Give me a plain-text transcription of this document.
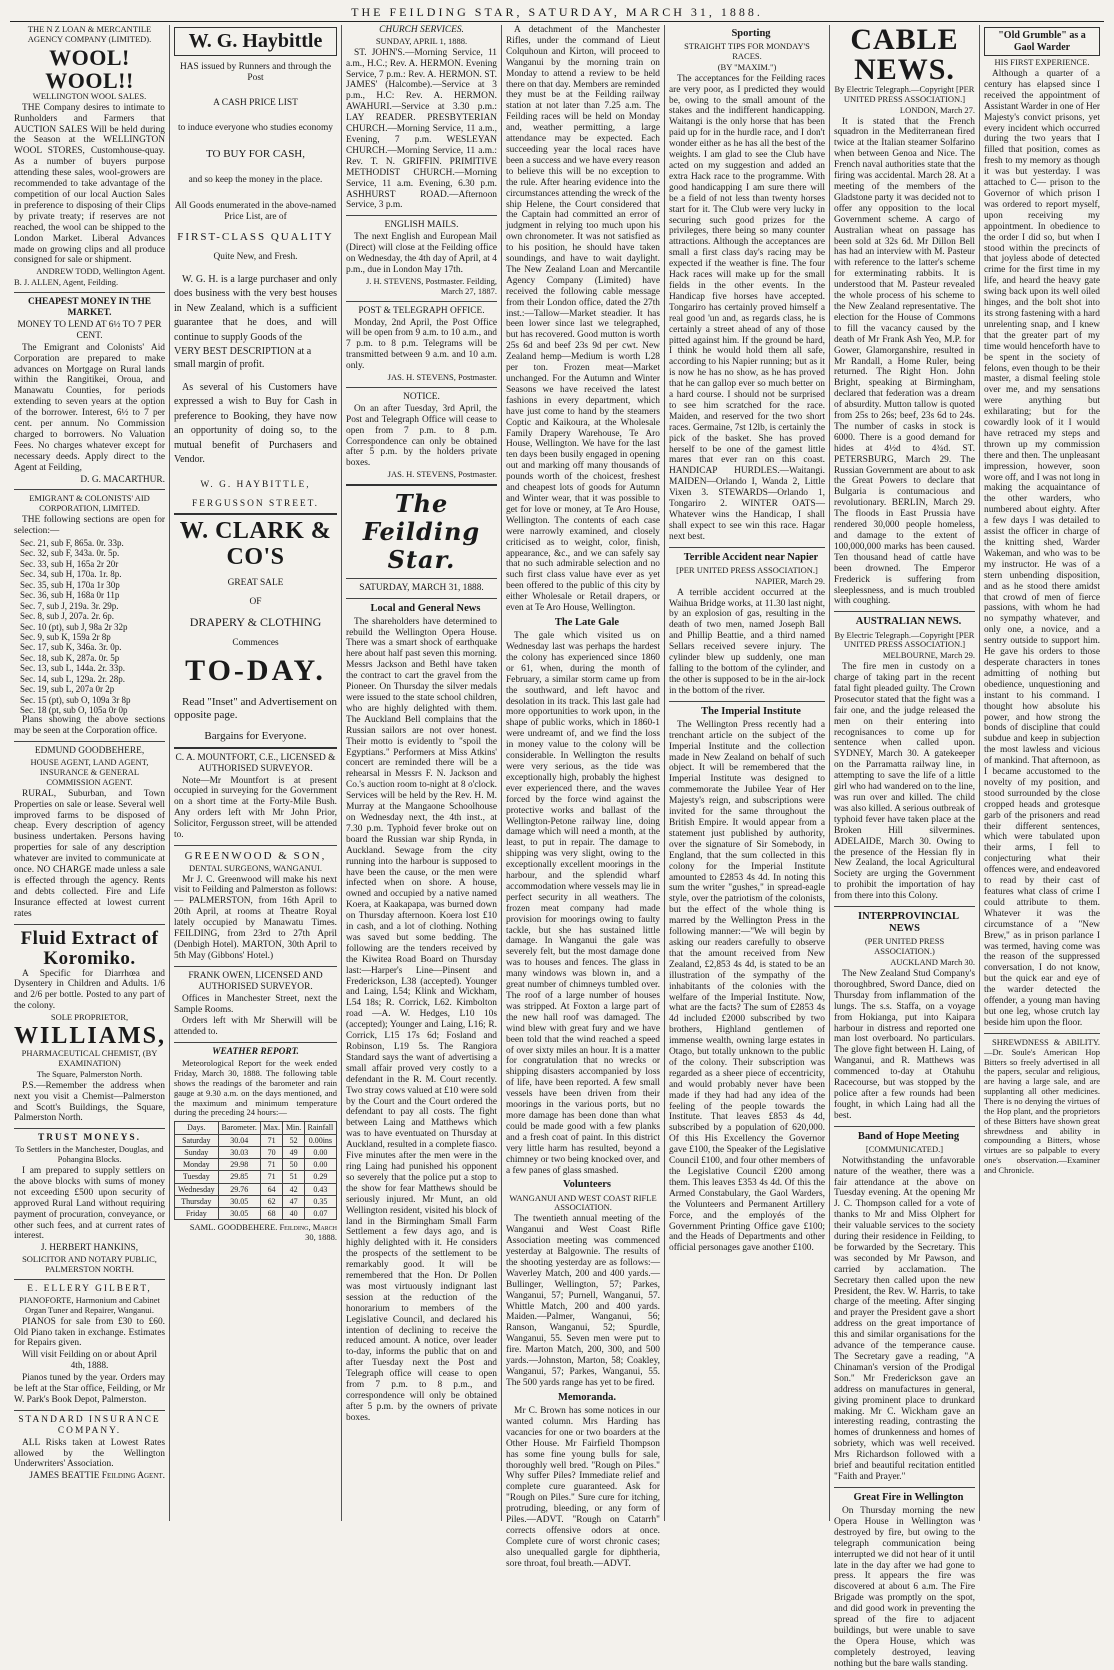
THE FEILDING STAR, SATURDAY, MARCH 31, 1888.

THE N Z LOAN & MERCANTILE AGENCY COMPANY (LIMITED).

WOOL! WOOL!!

WELLINGTON WOOL SALES.

THE Company desires to intimate to Runholders and Farmers that AUCTION SALES Will be held during the Season at the WELLINGTON WOOL STORES, Customhouse-quay. As a number of buyers purpose attending these sales, wool-growers are recommended to take advantage of the competition of our local Auction Sales in preference to disposing of their Clips by private treaty; if reserves are not reached, the wool can be shipped to the London Market. Liberal Advances made on growing clips and all produce consigned for sale or shipment.

ANDREW TODD, Wellington Agent.

B. J. ALLEN, Agent, Feilding.

CHEAPEST MONEY IN THE MARKET.

MONEY TO LEND AT 6½ TO 7 PER CENT.

The Emigrant and Colonists' Aid Corporation are prepared to make advances on Mortgage on Rural lands within the Rangitikei, Oroua, and Manawatu Counties, for periods extending to seven years at the option of the borrower. Interest, 6½ to 7 per cent. per annum. No Commission charged to borrowers. No Valuation Fees. No charges whatever except for necessary deeds. Apply direct to the Agent at Feilding,

D. G. MACARTHUR.

EMIGRANT & COLONISTS' AID CORPORATION, LIMITED.

THE following sections are open for selection:—

Sec. 21, sub F, 865a. 0r. 33p.
Sec. 32, sub F, 343a. 0r. 5p.
Sec. 33, sub H, 165a 2r 20r
Sec. 34, sub H, 170a. 1r. 8p.
Sec. 35, sub H, 170a 1r 30p
Sec. 36, sub H, 168a 0r 11p
Sec. 7, sub J, 219a. 3r. 29p.
Sec. 8, sub J, 207a. 2r. 6p.
Sec. 10 (pt), sub J, 98a 2r 32p
Sec. 9, sub K, 159a 2r 8p
Sec. 17, sub K, 346a. 3r. 0p.
Sec. 18, sub K, 287a. 0r. 5p
Sec. 13, sub L, 144a. 2r. 33p.
Sec. 14, sub L, 129a. 2r. 28p.
Sec. 19, sub L, 207a 0r 2p
Sec. 15 (pt), sub O, 109a 3r 8p
Sec. 18 (pt, sub O, 105a 0r 0p

Plans showing the above sections may be seen at the Corporation office.

EDMUND GOODBEHERE,

HOUSE AGENT, LAND AGENT, INSURANCE & GENERAL COMMISSION AGENT.

RURAL, Suburban, and Town Properties on sale or lease. Several well improved farms to be disposed of cheap. Every description of agency business undertaken. Persons having properties for sale of any description whatever are invited to communicate at once. NO CHARGE made unless a sale is effected through the agency. Rents and debts collected. Fire and Life Insurance effected at lowest current rates

Fluid Extract of Koromiko.

A Specific for Diarrhœa and Dysentery in Children and Adults. 1/6 and 2/6 per bottle. Posted to any part of the colony.

SOLE PROPRIETOR,

WILLIAMS,

PHARMACEUTICAL CHEMIST, (BY EXAMINATION)

The Square, Palmerston North.

P.S.—Remember the address when next you visit a Chemist—Palmerston and Scott's Buildings, the Square, Palmerston North.

TRUST MONEYS.

To Settlers in the Manchester, Douglas, and Pohangina Blocks.

I am prepared to supply settlers on the above blocks with sums of money not exceeding £500 upon security of approved Rural Land without requiring payment of procuration, conveyance, or other such fees, and at current rates of interest.

J. HERBERT HANKINS,

SOLICITOR AND NOTARY PUBLIC, PALMERSTON NORTH.

E. ELLERY GILBERT,

PIANOFORTE, Harmonium and Cabinet Organ Tuner and Repairer, Wanganui.

PIANOS for sale from £30 to £60. Old Piano taken in exchange. Estimates for Repairs given.

Will visit Feilding on or about April 4th, 1888.

Pianos tuned by the year. Orders may be left at the Star office, Feilding, or Mr W. Park's Book Depot, Palmerston.

STANDARD INSURANCE COMPANY.

ALL Risks taken at Lowest Rates allowed by the Wellington Underwriters' Association.

JAMES BEATTIE Feilding Agent.

W. G. Haybittle

HAS issued by Runners and through the Post

A CASH PRICE LIST

to induce everyone who studies economy

TO BUY FOR CASH,

and so keep the money in the place.

All Goods enumerated in the above-named Price List, are of

FIRST-CLASS QUALITY

Quite New, and Fresh.

W. G. H. is a large purchaser and only does business with the very best houses in New Zealand, which is a sufficient guarantee that he does, and will continue to supply Goods of the

VERY BEST DESCRIPTION at a

small margin of profit.

As several of his Customers have expressed a wish to Buy for Cash in preference to Booking, they have now an opportunity of doing so, to the mutual benefit of Purchasers and Vendor.

W. G. HAYBITTLE,

FERGUSSON STREET.

W. CLARK & CO'S

GREAT SALE

OF

DRAPERY & CLOTHING

Commences

TO-DAY.

Read "Inset" and Advertisement on opposite page.

Bargains for Everyone.

C. A. MOUNTFORT, C.E., LICENSED & AUTHORISED SURVEYOR.

Note—Mr Mountfort is at present occupied in surveying for the Government on a short time at the Forty-Mile Bush. Any orders left with Mr John Prior, Solicitor, Fergusson street, will be attended to.

GREENWOOD & SON,

DENTAL SURGEONS, WANGANUI.

Mr J. C. Greenwood will make his next visit to Feilding and Palmerston as follows:— PALMERSTON, from 16th April to 20th April, at rooms at Theatre Royal lately occupied by Manawatu Times. FEILDING, from 23rd to 27th April (Denbigh Hotel). MARTON, 30th April to 5th May (Gibbons' Hotel.)

FRANK OWEN, LICENSED AND AUTHORISED SURVEYOR.

Offices in Manchester Street, next the Sample Rooms.

Orders left with Mr Sherwill will be attended to.

WEATHER REPORT.

Meteorological Report for the week ended Friday, March 30, 1888. The following table shows the readings of the barometer and rain gauge at 9.30 a.m. on the days mentioned, and the maximum and minimum temperature during the preceding 24 hours:—

Days.	Barometer.	Max.	Min.	Rainfall
Saturday	30.04	71	52	0.00ins
Sunday	30.03	70	49	0.00
Monday	29.98	71	50	0.00
Tuesday	29.85	71	51	0.29
Wednesday	29.76	64	42	0.43
Thursday	30.05	62	47	0.35
Friday	30.05	68	40	0.07

SAML. GOODBEHERE. Feilding, March 30, 1888.

CHURCH SERVICES.

SUNDAY, APRIL 1, 1888.

ST. JOHN'S.—Morning Service, 11 a.m., H.C.; Rev. A. HERMON. Evening Service, 7 p.m.: Rev. A. HERMON. ST. JAMES' (Halcombe).—Service at 3 p.m., H.C: Rev. A. HERMON. AWAHURI.—Service at 3.30 p.m.: LAY READER. PRESBYTERIAN CHURCH.—Morning Service, 11 a.m., Evening, 7 p.m. WESLEYAN CHURCH.—Morning Service, 11 a.m.: Rev. T. N. GRIFFIN. PRIMITIVE METHODIST CHURCH.—Morning Service, 11 a.m. Evening, 6.30 p.m. ASHHURST ROAD.—Afternoon Service, 3 p.m.

ENGLISH MAILS.

The next English and European Mail (Direct) will close at the Feilding office on Wednesday, the 4th day of April, at 4 p.m., due in London May 17th.

J. H. STEVENS, Postmaster. Feilding, March 27, 1887.

POST & TELEGRAPH OFFICE.

Monday, 2nd April, the Post Office will be open from 9 a.m. to 10 a.m., and 7 p.m. to 8 p.m. Telegrams will be transmitted between 9 a.m. and 10 a.m. only.

JAS. H. STEVENS, Postmaster.

NOTICE.

On an after Tuesday, 3rd April, the Post and Telegraph Office will cease to open from 7 p.m. to 8 p.m. Correspondence can only be obtained after 5 p.m. by the holders private boxes.

JAS. H. STEVENS, Postmaster.

The Feilding Star.

SATURDAY, MARCH 31, 1888.

Local and General News

The shareholders have determined to rebuild the Wellington Opera House. There was a smart shock of earthquake here about half past seven this morning. Messrs Jackson and Bethl have taken the contract to cart the gravel from the Pioneer. On Thursday the silver medals were issued to the state school children, who are highly delighted with them. The Auckland Bell complains that the Russian sailors are not over honest. Their motto is evidently to "spoil the Egyptians." Performers at Miss Atkins' concert are reminded there will be a rehearsal in Messrs F. N. Jackson and Co.'s auction room to-night at 8 o'clock. Services will be held by the Rev. H. M. Murray at the Mangaone Schoolhouse on Wednesday next, the 4th inst., at 7.30 p.m. Typhoid fever broke out on board the Russian war ship Rynda, in Auckland. Sewage from the city running into the harbour is supposed to have been the cause, or the men were infected when on shore. A house, owned and occupied by a native named Koera, at Kaakapapa, was burned down on Thursday afternoon. Koera lost £10 in cash, and a lot of clothing. Nothing was saved but some bedding. The following are the tenders received by the Kiwitea Road Board on Thursday last:—Harper's Line—Pinsent and Frederickson, L38 (accepted). Younger and Laing, L54; Klink and Wickham, L54 18s; R. Corrick, L62. Kimbolton road —A. W. Hedges, L10 10s (accepted); Younger and Laing, L16; R. Corrick, L15 17s 6d; Fosland and Robinson, L19 5s. The Rangiora Standard says the want of advertising a small affair proved very costly to a defendant in the R. M. Court recently. Two stray cows valued at £10 were sold by the Court and the Court ordered the defendant to pay all costs. The fight between Laing and Matthews which was to have eventuated on Thursday at Auckland, resulted in a complete fiasco. Five minutes after the men were in the ring Laing had punished his opponent so severely that the police put a stop to the show for fear Matthews should be seriously injured. Mr Munt, an old Wellington resident, visited his block of land in the Birmingham Small Farm Settlement a few days ago, and is highly delighted with it. He considers the prospects of the settlement to be remarkably good. It will be remembered that the Hon. Dr Pollen was most virtuously indignant last session at the reduction of the honorarium to members of the Legislative Council, and declared his intention of declining to receive the reduced amount. A notice, over leader to-day, informs the public that on and after Tuesday next the Post and Telegraph office will cease to open from 7 p.m. to 8 p.m., and correspondence will only be obtained after 5 p.m. by the owners of private boxes.

A detachment of the Manchester Rifles, under the command of Lieut Colquhoun and Kirton, will proceed to Wanganui by the morning train on Monday to attend a review to be held there on that day. Members are reminded they must be at the Feilding railway station at not later than 7.25 a.m. The Feilding races will be held on Monday and, weather permitting, a large attendance may be expected. Each succeeding year the local races have been a success and we have every reason to believe this will be no exception to the rule. After hearing evidence into the circumstances attending the wreck of the ship Helene, the Court considered that the Captain had committed an error of judgment in relying too much upon his own chronometer. It was not satisfied as to his position, he should have taken soundings, and have to wait daylight. The New Zealand Loan and Mercantile Agency Company (Limited) have received the following cable message from their London office, dated the 27th inst.:—Tallow—Market steadier. It has been lower since last we telegraphed, but has recovered. Good mutton is worth 25s 6d and beef 23s 9d per cwt. New Zealand hemp—Medium is worth L28 per ton. Frozen meat—Market unchanged. For the Autumn and Winter Seasons we have received the latest fashions in every department, which have just come to hand by the steamers Coptic and Kaikoura, at the Wholesale Family Drapery Warehouse, Te Aro House, Wellington. We have for the last ten days been busily engaged in opening out and marking off many thousands of pounds worth of the choicest, freshest and cheapest lots of goods for Autumn and Winter wear, that it was possible to get for love or money, at Te Aro House, Wellington. The contents of each case were narrowly examined, and closely criticised as to weight, color, finish, appearance, &c., and we can safely say that no such admirable selection and no such first class value have ever as yet been offered to the public of this city by either Wholesale or Retail drapers, or even at Te Aro House, Wellington.

The Late Gale

The gale which visited us on Wednesday last was perhaps the hardest the colony has experienced since 1860 or 61, when, during the month of February, a similar storm came up from the southward, and left havoc and desolation in its track. This last gale had more opportunities to work upon, in the shape of public works, which in 1860-1 were undreamt of, and we find the loss in money value to the colony will be considerable. In Wellington the results were very serious, as the tide was exceptionally high, probably the highest ever experienced there, and the waves forced by the force wind against the protective works and ballast of the Wellington-Petone railway line, doing damage which will need a month, at the least, to put in repair. The damage to shipping was very slight, owing to the exceptionally excellent moorings in the harbour, and the splendid wharf accommodation where vessels may lie in perfect security in all weathers. The frozen meat company had made provision for moorings owing to faulty tackle, but she has sustained little damage. In Wanganui the gale was severely felt, but the most damage done was to houses and fences. The glass in many windows was blown in, and a great number of chimneys tumbled over. The roof of a large number of houses was stripped. At Foxton a large part of the new hall roof was damaged. The wind blew with great fury and we have been told that the wind reached a speed of over sixty miles an hour. It is a matter for congratulation that no wrecks or shipping disasters accompanied by loss of life, have been reported. A few small vessels have been driven from their moorings in the various ports, but no more damage has been done than what could be made good with a few planks and a fresh coat of paint. In this district very little harm has resulted, beyond a chimney or two being knocked over, and a few panes of glass smashed.

Volunteers

WANGANUI AND WEST COAST RIFLE ASSOCIATION.

The twentieth annual meeting of the Wanganui and West Coast Rifle Association meeting was commenced yesterday at Balgownie. The results of the shooting yesterday are as follows:— Waverley Match, 200 and 400 yards.— Bullinger, Wellington, 57; Parkes, Wanganui, 57; Purnell, Wanganui, 57. Whittle Match, 200 and 400 yards. Maiden.—Palmer, Wanganui, 56; Ranson, Wanganui, 52; Spurdle, Wanganui, 55. Seven men were put to fire. Marton Match, 200, 300, and 500 yards.—Johnston, Marton, 58; Coakley, Wanganui, 57; Parkes, Wanganui, 55. The 500 yards range has yet to be fired.

Memoranda.

Mr C. Brown has some notices in our wanted column. Mrs Harding has vacancies for one or two boarders at the Other House. Mr Fairfield Thompson has some fine young bulls for sale, thoroughly well bred. "Rough on Piles." Why suffer Piles? Immediate relief and complete cure guaranteed. Ask for "Rough on Piles." Sure cure for itching, protruding, bleeding, or any form of Piles.—ADVT. "Rough on Catarrh" corrects offensive odors at once. Complete cure of worst chronic cases; also unequalled gargle for diphtheria, sore throat, foul breath.—ADVT.

Sporting

STRAIGHT TIPS FOR MONDAY'S RACES.

(BY "MAXIM.")

The acceptances for the Feilding races are very poor, as I predicted they would be, owing to the small amount of the stakes and the indifferent handicapping. Waitangi is the only horse that has been paid up for in the hurdle race, and I don't wonder either as he has all the best of the weights. I am glad to see the Club have acted on my suggestion and added an extra Hack race to the programme. With good handicapping I am sure there will be a field of not less than twenty horses start for it. The Club were very lucky in securing such good prizes for the privileges, there being so many counter attractions. Although the acceptances are small a first class day's racing may be expected if the weather is fine. The four Hack races will make up for the small fields in the other events. In the Handicap five horses have accepted. Tongariro has certainly proved himself a real good 'un and, as regards class, he is certainly a street ahead of any of those pitted against him. If the ground be hard, I think he would hold them all safe, according to his Napier running; but as it is now he has no show, as he has proved that he can gallop ever so much better on a hard course. I should not be surprised to see him scratched for the race. Maiden, and reserved for the two short races. Germaine, 7st 12lb, is certainly the pick of the basket. She has proved herself to be one of the gamest little mares that ever ran on this coast. HANDICAP HURDLES.—Waitangi. MAIDEN—Orlando I, Wanda 2, Little Vixen 3. STEWARDS—Orlando 1, Tongariro 2. WINTER OATS—Whatever wins the Handicap, I shall shall expect to see win this race. Hagar next best.

Terrible Accident near Napier

[PER UNITED PRESS ASSOCIATION.]

NAPIER, March 29.

A terrible accident occurred at the Waihua Bridge works, at 11.30 last night, by an explosion of gas, resulting in the death of two men, named Joseph Ball and Phillip Beattie, and a third named Sellars received severe injury. The cylinder blew up suddenly, one man falling to the bottom of the cylinder, and the other is supposed to be in the air-lock in the bottom of the river.

The Imperial Institute

The Wellington Press recently had a trenchant article on the subject of the Imperial Institute and the collection made in New Zealand on behalf of such object. It will be remembered that the Imperial Institute was designed to commemorate the Jubilee Year of Her Majesty's reign, and subscriptions were invited for the same throughout the British Empire. It would appear from a statement just published by authority, over the signature of Sir Somebody, in England, that the sum collected in this colony for the Imperial Institute amounted to £2853 4s 4d. In noting this sum the writer "gushes," in spread-eagle style, over the patriotism of the colonists, but the effect of the whole thing is marred by the Wellington Press in the following manner:—"We will begin by asking our readers carefully to observe that the amount received from New Zealand, £2,853 4s 4d, is stated to be an illustration of the sympathy of the inhabitants of the colonies with the welfare of the Imperial Institute. Now, what are the facts? The sum of £2853 4s 4d included £2000 subscribed by two brothers, Highland gentlemen of immense wealth, owning large estates in Otago, but totally unknown to the public of the colony. Their subscription was regarded as a sheer piece of eccentricity, and would probably never have been made if they had had any idea of the feeling of the people towards the Institute. That leaves £853 4s 4d, subscribed by a population of 620,000. Of this His Excellency the Governor gave £100, the Speaker of the Legislative Council £100, and four other members of the Legislative Council £200 among them. This leaves £353 4s 4d. Of this the Armed Constabulary, the Gaol Warders, the Volunteers and Permanent Artillery Force, and the employés of the Government Printing Office gave £100; and the Heads of Departments and other official personages gave another £100.

CABLE NEWS.

By Electric Telegraph.—Copyright [PER UNITED PRESS ASSOCIATION.]

LONDON, March 27.

It is stated that the French squadron in the Mediterranean fired twice at the Italian steamer Solfarino when between Genoa and Nice. The French naval authorities state that the firing was accidental. March 28. At a meeting of the members of the Gladstone party it was decided not to offer any opposition to the local Government scheme. A cargo of Australian wheat on passage has been sold at 32s 6d. Mr Dillon Bell has had an interview with M. Pasteur with reference to the latter's scheme for exterminating rabbits. It is understood that M. Pasteur revealed the whole process of his scheme to the New Zealand representative. The election for the House of Commons to fill the vacancy caused by the death of Mr Frank Ash Yeo, M.P. for Gower, Glamorganshire, resulted in Mr Randall, a Home Ruler, being returned. The Right Hon. John Bright, speaking at Birmingham, declared that federation was a dream of absurdity. Mutton tallow is quoted from 25s to 26s; beef, 23s 6d to 24s. The number of casks in stock is 6000. There is a good demand for hides at 4½d to 4¾d. ST. PETERSBURG, March 29. The Russian Government are about to ask the Great Powers to declare that Bulgaria is contumacious and revolutionary. BERLIN, March 29. The floods in East Prussia have rendered 30,000 people homeless, and damage to the extent of 100,000,000 marks has been caused. Ten thousand head of cattle have been drowned. The Emperor Frederick is suffering from sleeplessness, and is much troubled with coughing.

AUSTRALIAN NEWS.

By Electric Telegraph.—Copyright [PER UNITED PRESS ASSOCIATION.]

MELBOURNE, March 29.

The fire men in custody on a charge of taking part in the recent fatal fight pleaded guilty. The Crown Prosecutor stated that the fight was a fair one, and the judge released the men on their entering into recognisances to come up for sentence when called upon. SYDNEY, March 30. A gatekeeper on the Parramatta railway line, in attempting to save the life of a little girl who had wandered on to the line, was run over and killed. The child was also killed. A serious outbreak of typhoid fever have taken place at the Broken Hill silvermines. ADELAIDE, March 30. Owing to the presence of the Hessian fly in New Zealand, the local Agricultural Society are urging the Government to prohibit the importation of hay from there into this Colony.

INTERPROVINCIAL NEWS

(PER UNITED PRESS ASSOCIATION.)

AUCKLAND March 30.

The New Zealand Stud Company's thoroughbred, Sword Dance, died on Thursday from inflammation of the lungs. The s.s. Staffa, on a voyage from Hokianga, put into Kaipara harbour in distress and reported one man lost overboard. No particulars. The glove fight between H. Laing, of Wanganui, and R. Matthews was commenced to-day at Otahuhu Racecourse, but was stopped by the police after a few rounds had been fought, in which Laing had all the best.

Band of Hope Meeting

[COMMUNICATED.]

Notwithstanding the unfavorable nature of the weather, there was a fair attendance at the above on Tuesday evening. At the opening Mr J. C. Thompson called for a vote of thanks to Mr and Miss Olphert for their valuable services to the society during their residence in Feilding, to be forwarded by the Secretary. This was seconded by Mr Pawson, and carried by acclamation. The Secretary then called upon the new President, the Rev. W. Harris, to take charge of the meeting. After singing and prayer the President gave a short address on the great importance of this and similar organisations for the advance of the temperance cause. The Secretary gave a reading, "A Chinaman's version of the Prodigal Son." Mr Frederickson gave an address on manufactures in general, giving prominent place to drunkard making. Mr C. Wickham gave an interesting reading, contrasting the homes of drunkenness and homes of sobriety, which was well received. Mrs Richardson followed with a brief and beautiful recitation entitled "Faith and Prayer."

Great Fire in Wellington

On Thursday morning the new Opera House in Wellington was destroyed by fire, but owing to the telegraph communication being interrupted we did not hear of it until late in the day after we had gone to press. It appears the fire was discovered at about 6 a.m. The Fire Brigade was promptly on the spot, and did good work in preventing the spread of the fire to adjacent buildings, but were unable to save the Opera House, which was completely destroyed, leaving nothing but the bare walls standing.

"Old Grumble" as a Gaol Warder

HIS FIRST EXPERIENCE.

Although a quarter of a century has elapsed since I received the appointment of Assistant Warder in one of Her Majesty's convict prisons, yet every incident which occurred during the two years that I filled that position, comes as fresh to my memory as though it was but yesterday. I was attached to C— prison to the Governor of which prison I was ordered to report myself, upon receiving my appointment. In obedience to the order I did so, but when I stood within the precincts of that joyless abode of detected crime for the first time in my life, and heard the heavy gate swing back upon its well oiled hinges, and the bolt shot into its strong fastening with a hard unrelenting snap, and I knew that the greater part of my time would henceforth have to be spent in the society of felons, even though to be their master, a dismal feeling stole over me, and my sensations were anything but exhilarating; but for the cowardly look of it I would have retraced my steps and thrown up my commission there and then. The unpleasant impression, however, soon wore off, and I was not long in making the acquaintance of the other warders, who numbered about eighty. After a few days I was detailed to assist the officer in charge of the knitting shed, Warder Wakeman, and who was to be my instructor. He was of a stern unbending disposition, and as he stood there amidst that crowd of men of fierce passions, with whom he had no sympathy whatever, and only one, a novice, and a sentry outside to support him. He gave his orders to those desperate characters in tones admitting of nothing but obedience, unquestioning and instant to his command. I thought how absolute his power, and how strong the bonds of discipline that could subdue and keep in subjection the most lawless and vicious of mankind. That afternoon, as I became accustomed to the novelty of my position, and stood surrounded by the close cropped heads and grotesque garb of the prisoners and read their different sentences, which were tabulated upon their arms, I fell to conjecturing what their offences were, and endeavored to read by their cast of features what class of crime I could attribute to them. Whatever it was the circumstance of a "New Brew," as in prison parlance I was termed, having come was the reason of the suppressed conversation, I do not know, but the quick ear and eye of the warder detected the offender, a young man having but one leg, whose crutch lay beside him upon the floor.

SHREWDNESS & ABILITY.—Dr. Soule's American Hop Bitters so freely advertised in all the papers, secular and religious, are having a large sale, and are supplanting all other medicines. There is no denying the virtues of the Hop plant, and the proprietors of these Bitters have shown great shrewdness and ability in compounding a Bitters, whose virtues are so palpable to every one's observation.—Examiner and Chronicle.
